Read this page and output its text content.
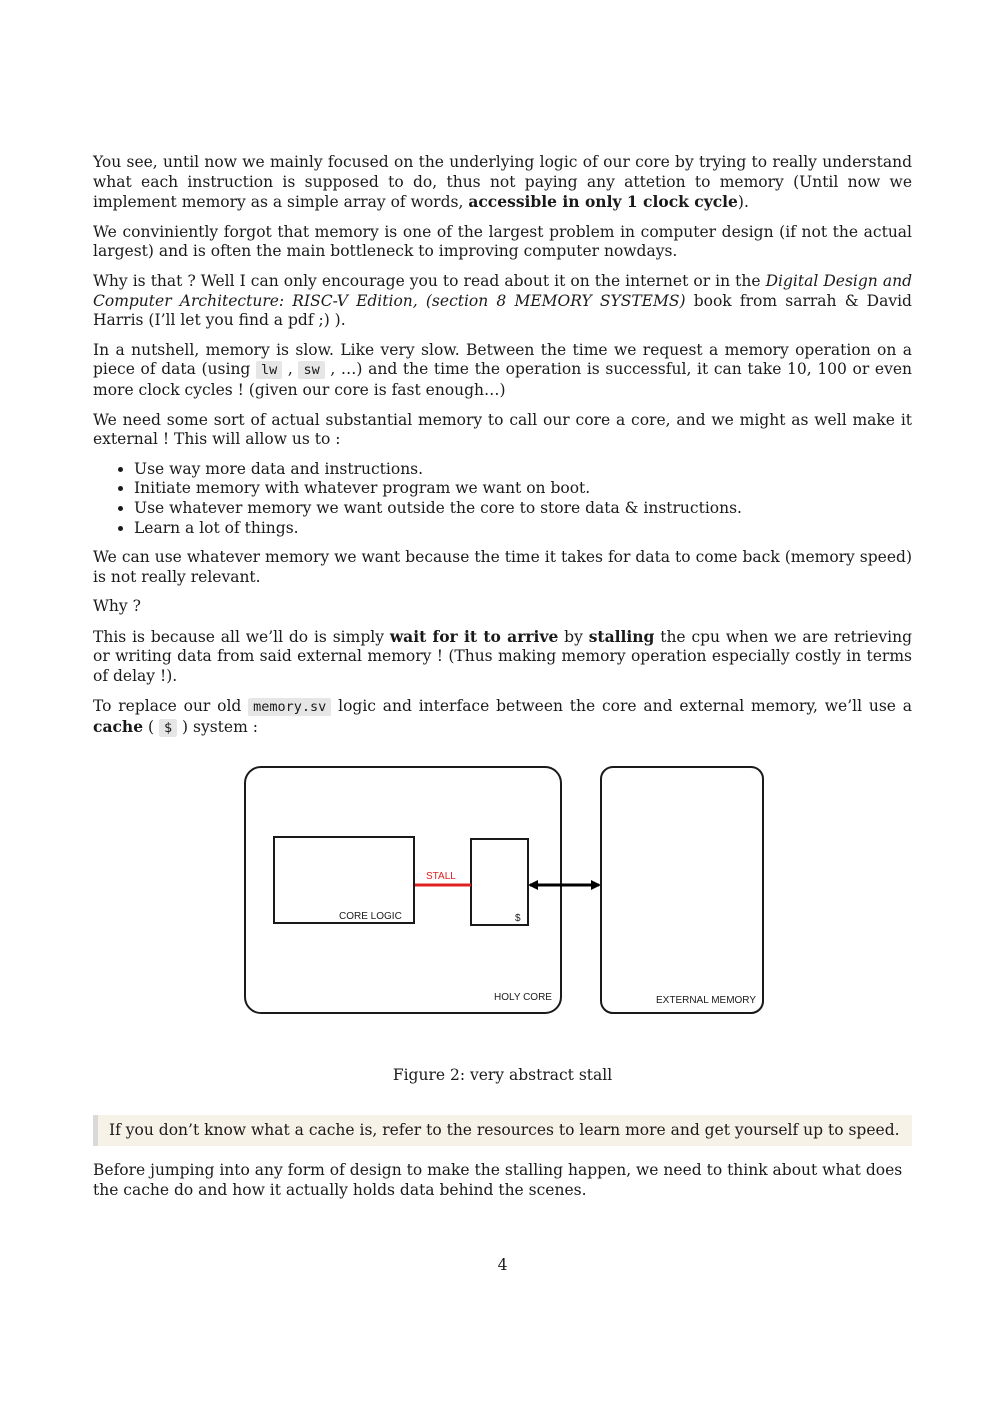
You see, until now we mainly focused on the underlying logic of our core by trying to really understand what each instruction is supposed to do, thus not paying any attetion to memory (Until now we implement memory as a simple array of words, accessible in only 1 clock cycle).

We conviniently forgot that memory is one of the largest problem in computer design (if not the actual largest) and is often the main bottleneck to improving computer nowdays.

Why is that ? Well I can only encourage you to read about it on the internet or in the Digital Design and Computer Architecture: RISC-V Edition, (section 8 MEMORY SYSTEMS) book from sarrah & David Harris (I’ll let you find a pdf ;) ).

In a nutshell, memory is slow. Like very slow. Between the time we request a memory operation on a piece of data (using lw , sw , …) and the time the operation is successful, it can take 10, 100 or even more clock cycles ! (given our core is fast enough…)

We need some sort of actual substantial memory to call our core a core, and we might as well make it external ! This will allow us to :

• Use way more data and instructions.
• Initiate memory with whatever program we want on boot.
• Use whatever memory we want outside the core to store data & instructions.
• Learn a lot of things.

We can use whatever memory we want because the time it takes for data to come back (memory speed) is not really relevant.

Why ?

This is because all we’ll do is simply wait for it to arrive by stalling the cpu when we are retrieving or writing data from said external memory ! (Thus making memory operation especially costly in terms of delay !).

To replace our old memory.sv logic and interface between the core and external memory, we’ll use a cache ( $ ) system :

STALL
CORE LOGIC	$
HOLY CORE	EXTERNAL MEMORY
Figure 2: very abstract stall
If you don’t know what a cache is, refer to the resources to learn more and get yourself up to speed.
Before jumping into any form of design to make the stalling happen, we need to think about what does the cache do and how it actually holds data behind the scenes.
4
